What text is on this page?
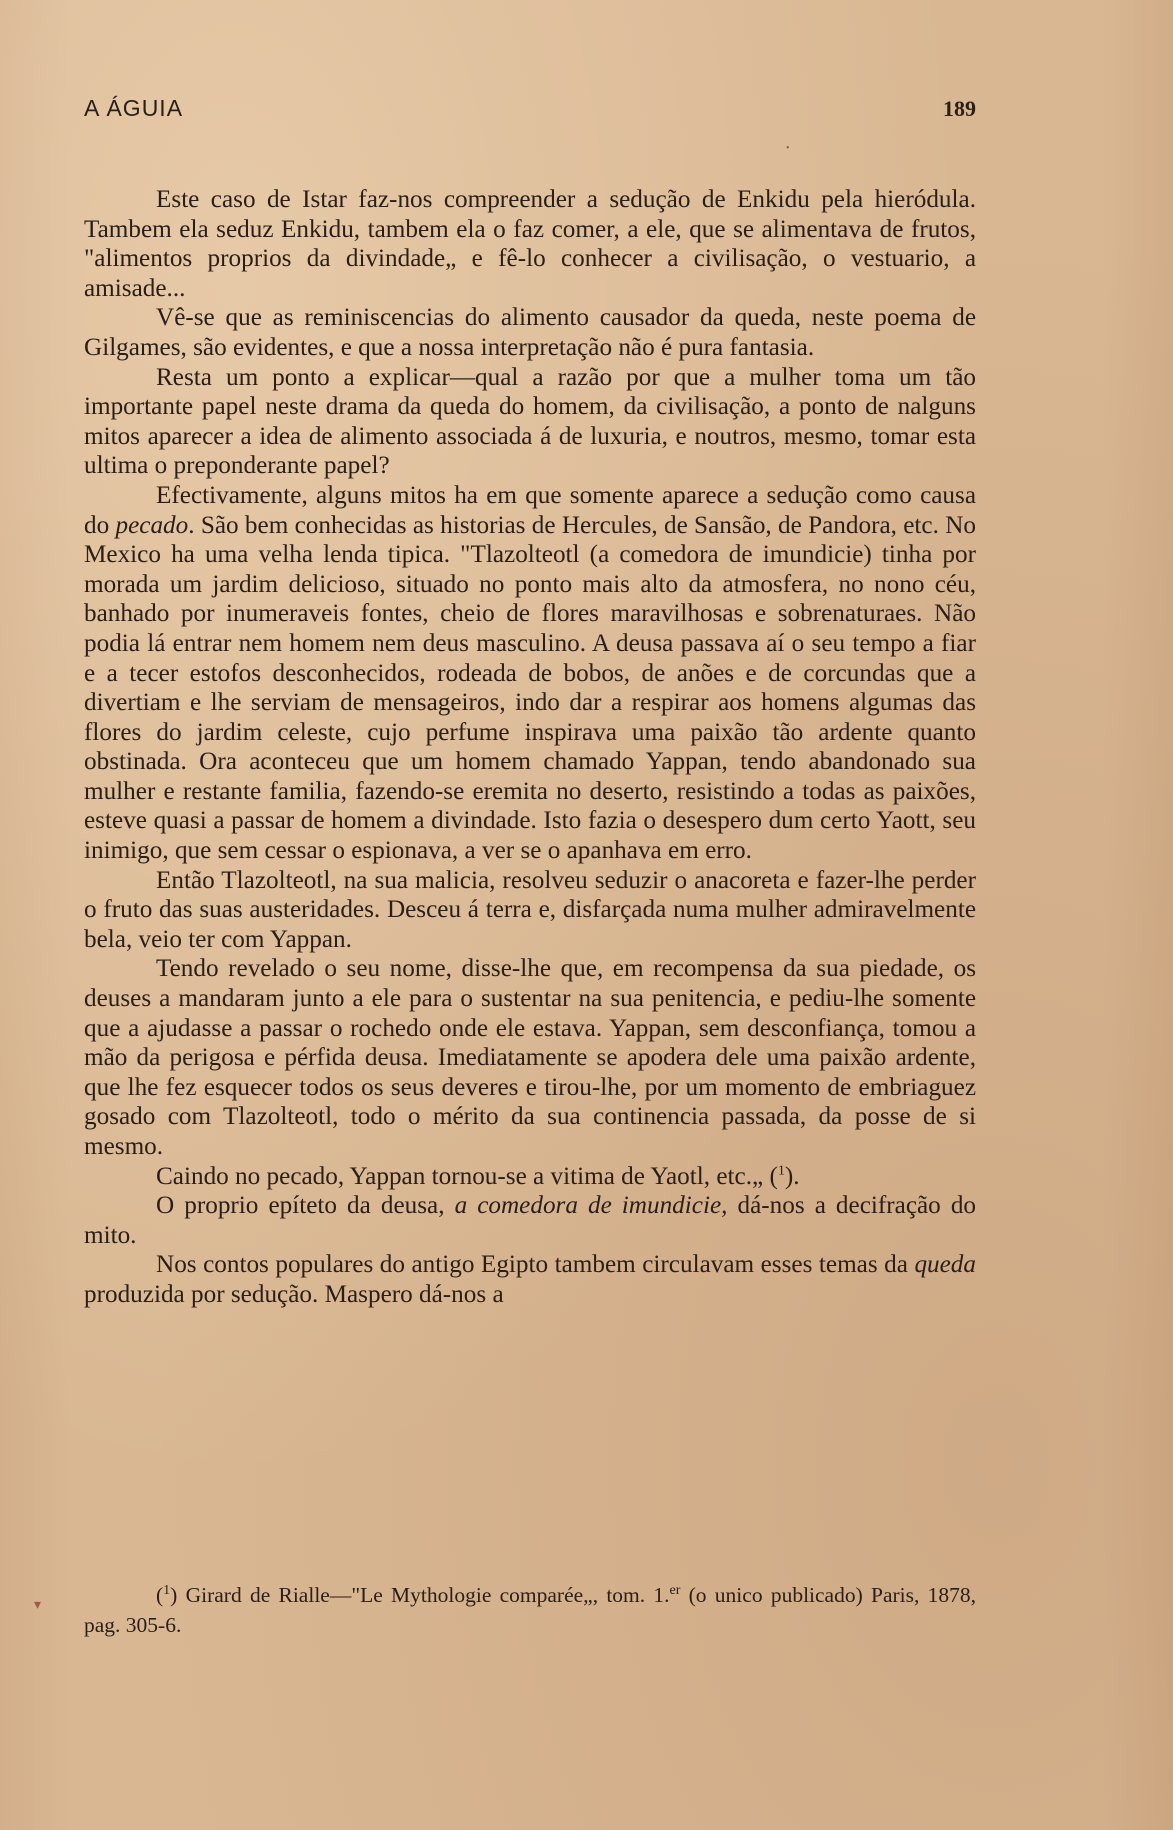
A ÁGUIA	189

Este caso de Istar faz-nos compreender a sedução de Enkidu pela hieródula. Tambem ela seduz Enkidu, tambem ela o faz comer, a ele, que se alimentava de frutos, "alimentos proprios da divindade„ e fê-lo conhecer a civilisação, o vestuario, a amisade...

Vê-se que as reminiscencias do alimento causador da queda, neste poema de Gilgames, são evidentes, e que a nossa interpretação não é pura fantasia.

Resta um ponto a explicar—qual a razão por que a mulher toma um tão importante papel neste drama da queda do homem, da civilisação, a ponto de nalguns mitos aparecer a idea de alimento associada á de luxuria, e noutros, mesmo, tomar esta ultima o preponderante papel?

Efectivamente, alguns mitos ha em que somente aparece a sedução como causa do pecado. São bem conhecidas as historias de Hercules, de Sansão, de Pandora, etc. No Mexico ha uma velha lenda tipica. "Tlazolteotl (a comedora de imundicie) tinha por morada um jardim delicioso, situado no ponto mais alto da atmosfera, no nono céu, banhado por inumeraveis fontes, cheio de flores maravilhosas e sobrenaturaes. Não podia lá entrar nem homem nem deus masculino. A deusa passava aí o seu tempo a fiar e a tecer estofos desconhecidos, rodeada de bobos, de anões e de corcundas que a divertiam e lhe serviam de mensageiros, indo dar a respirar aos homens algumas das flores do jardim celeste, cujo perfume inspirava uma paixão tão ardente quanto obstinada. Ora aconteceu que um homem chamado Yappan, tendo abandonado sua mulher e restante familia, fazendo-se eremita no deserto, resistindo a todas as paixões, esteve quasi a passar de homem a divindade. Isto fazia o desespero dum certo Yaott, seu inimigo, que sem cessar o espionava, a ver se o apanhava em erro.

Então Tlazolteotl, na sua malicia, resolveu seduzir o anacoreta e fazer-lhe perder o fruto das suas austeridades. Desceu á terra e, disfarçada numa mulher admiravelmente bela, veio ter com Yappan.

Tendo revelado o seu nome, disse-lhe que, em recompensa da sua piedade, os deuses a mandaram junto a ele para o sustentar na sua penitencia, e pediu-lhe somente que a ajudasse a passar o rochedo onde ele estava. Yappan, sem desconfiança, tomou a mão da perigosa e pérfida deusa. Imediatamente se apodera dele uma paixão ardente, que lhe fez esquecer todos os seus deveres e tirou-lhe, por um momento de embriaguez gosado com Tlazolteotl, todo o mérito da sua continencia passada, da posse de si mesmo.

Caindo no pecado, Yappan tornou-se a vitima de Yaotl, etc.„ ($^1$).

O proprio epíteto da deusa, a comedora de imundicie, dá-nos a decifração do mito.

Nos contos populares do antigo Egipto tambem circulavam esses temas da queda produzida por sedução. Maspero dá-nos a

($^1$) Girard de Rialle—"Le Mythologie comparée„, tom. 1.$^{er}$ (o unico publicado) Paris, 1878, pag. 305-6.

▾
•
